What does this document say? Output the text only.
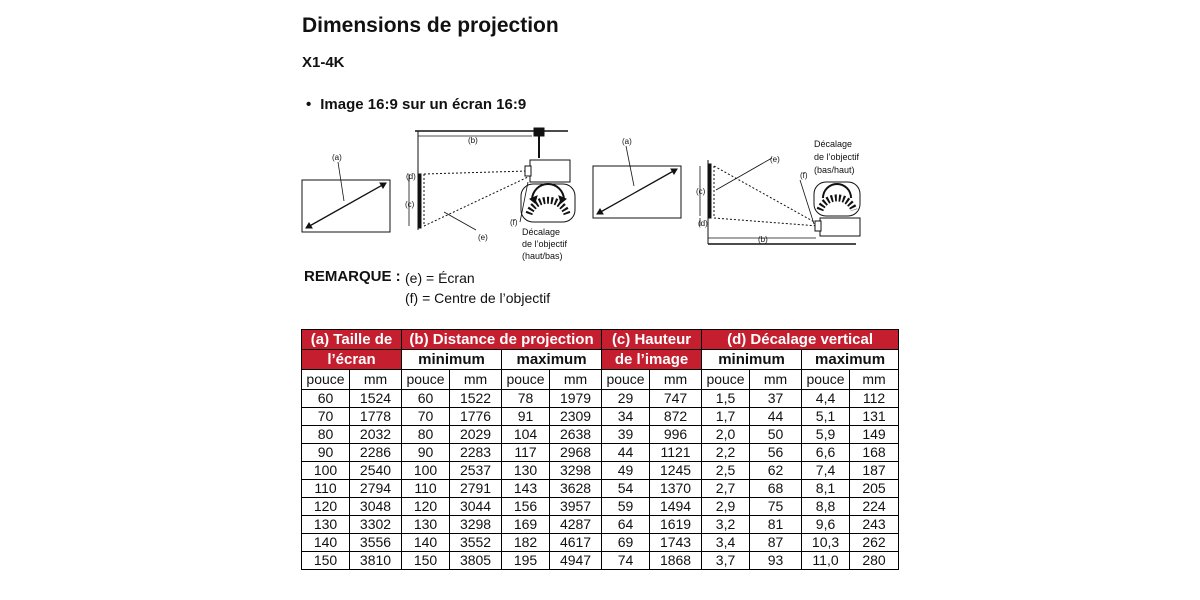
Dimensions de projection
X1-4K
• Image 16:9 sur un écran 16:9
(a)
(b)
(c)
(d)
(e)
(f)
Décalage
de l’objectif
(haut/bas)
(a)
(b)
(c)
(d)
(e)
(f)
Décalage
de l’objectif
(bas/haut)
REMARQUE : (e) = Écran
(f) = Centre de l’objectif
(a) Taille de		(b) Distance de projection				(c) Hauteur		(d) Décalage vertical			
l’écran		minimum		maximum		de l’image		minimum		maximum	
pouce	mm	pouce	mm	pouce	mm	pouce	mm	pouce	mm	pouce	mm
60	1524	60	1522	78	1979	29	747	1,5	37	4,4	112
70	1778	70	1776	91	2309	34	872	1,7	44	5,1	131
80	2032	80	2029	104	2638	39	996	2,0	50	5,9	149
90	2286	90	2283	117	2968	44	1121	2,2	56	6,6	168
100	2540	100	2537	130	3298	49	1245	2,5	62	7,4	187
110	2794	110	2791	143	3628	54	1370	2,7	68	8,1	205
120	3048	120	3044	156	3957	59	1494	2,9	75	8,8	224
130	3302	130	3298	169	4287	64	1619	3,2	81	9,6	243
140	3556	140	3552	182	4617	69	1743	3,4	87	10,3	262
150	3810	150	3805	195	4947	74	1868	3,7	93	11,0	280
